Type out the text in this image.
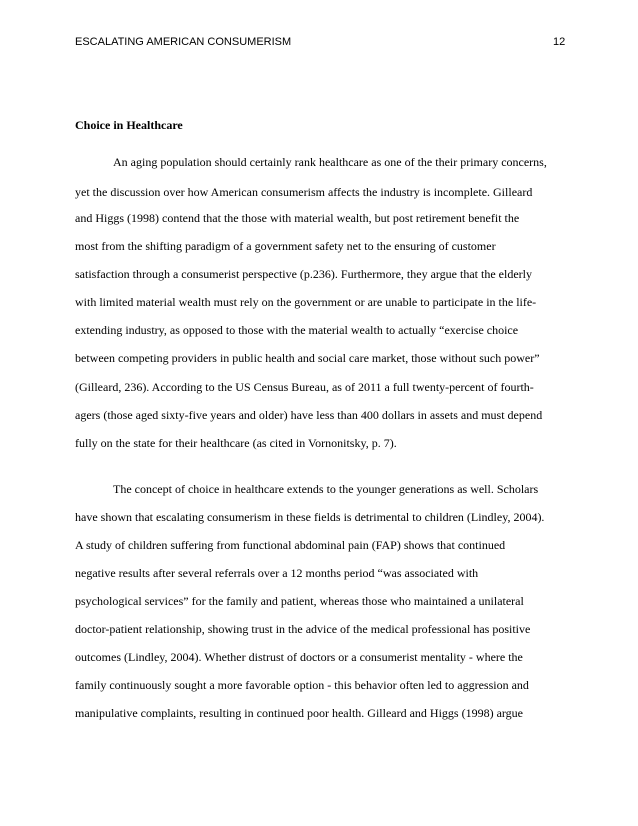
ESCALATING AMERICAN CONSUMERISM	12
Choice in Healthcare
An aging population should certainly rank healthcare as one of the their primary concerns,
yet the discussion over how American consumerism affects the industry is incomplete. Gilleard
and Higgs (1998) contend that the those with material wealth, but post retirement benefit the
most from the shifting paradigm of a government safety net to the ensuring of customer
satisfaction through a consumerist perspective (p.236). Furthermore, they argue that the elderly
with limited material wealth must rely on the government or are unable to participate in the life-
extending industry, as opposed to those with the material wealth to actually “exercise choice
between competing providers in public health and social care market, those without such power”
(Gilleard, 236). According to the US Census Bureau, as of 2011 a full twenty-percent of fourth-
agers (those aged sixty-five years and older) have less than 400 dollars in assets and must depend
fully on the state for their healthcare (as cited in Vornonitsky, p. 7).
The concept of choice in healthcare extends to the younger generations as well. Scholars
have shown that escalating consumerism in these fields is detrimental to children (Lindley, 2004).
A study of children suffering from functional abdominal pain (FAP) shows that continued
negative results after several referrals over a 12 months period “was associated with
psychological services” for the family and patient, whereas those who maintained a unilateral
doctor-patient relationship, showing trust in the advice of the medical professional has positive
outcomes (Lindley, 2004). Whether distrust of doctors or a consumerist mentality - where the
family continuously sought a more favorable option - this behavior often led to aggression and
manipulative complaints, resulting in continued poor health. Gilleard and Higgs (1998) argue
